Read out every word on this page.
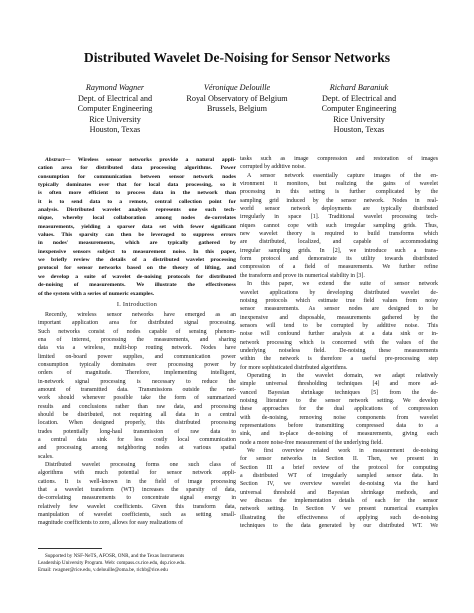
Distributed Wavelet De-Noising for Sensor Networks
Raymond Wagner
Dept. of Electrical and
Computer Engineering
Rice University
Houston, Texas
Véronique Delouille
Royal Observatory of Belgium
Brussels, Belgium
Richard Baraniuk
Dept. of Electrical and
Computer Engineering
Rice University
Houston, Texas
Abstract— Wireless sensor networks provide a natural appli-
cation area for distributed data processing algorithms. Power
consumption for communication between sensor network nodes
typically dominates over that for local data processing, so it
is often more efficient to process data in the network than
it is to send data to a remote, central collection point for
analysis. Distributed wavelet analysis represents one such tech-
nique, whereby local collaboration among nodes de-correlates
measurements, yielding a sparser data set with fewer significant
values. This sparsity can then be leveraged to suppress errors
in nodes' measurements, which are typically gathered by
inexpensive sensors subject to measurement noise. In this paper,
we briefly review the details of a distributed wavelet processing
protocol for sensor networks based on the theory of lifting, and
we develop a suite of wavelet de-noising protocols for distributed
de-noising of measurements. We illustrate the effectiveness
of the system with a series of numeric examples.
I. Introduction
Recently, wireless sensor networks have emerged as an
important application area for distributed signal processing.
Such networks consist of nodes capable of sensing phenom-
ena of interest, processing the measurements, and sharing
data via a wireless, multi-hop routing network. Nodes have
limited on-board power supplies, and communication power
consumption typically dominates over processing power by
orders of magnitude. Therefore, implementing intelligent,
in-network signal processing is necessary to reduce the
amount of transmitted data. Transmissions outside the net-
work should whenever possible take the form of summarized
results and conclusions rather than raw data, and processing
should be distributed, not requiring all data in a central
location. When designed properly, this distributed processing
trades potentially long-haul transmission of raw data to
a central data sink for less costly local communication
and processing among neighboring nodes at various spatial
scales.
Distributed wavelet processing forms one such class of
algorithms with much potential for sensor network appli-
cations. It is well-known in the field of image processing
that a wavelet transform (WT) increases the sparsity of data,
de-correlating measurements to concentrate signal energy in
relatively few wavelet coefficients. Given this transform data,
manipulation of wavelet coefficients, such as setting small-
magnitude coefficients to zero, allows for easy realizations of
Supported by NSF-NeTS, AFOSR, ONR, and the Texas Instruments
Leadership University Program. Web: compass.cs.rice.edu, dsp.rice.edu.
Email: rwagner@rice.edu, v.delouille@oma.be, richb@rice.edu
tasks such as image compression and restoration of images
corrupted by additive noise.
A sensor network essentially capture images of the en-
vironment it monitors, but realizing the gains of wavelet
processing in this setting is further complicated by the
sampling grid induced by the sensor network. Nodes in real-
world sensor network deployments are typically distributed
irregularly in space [1]. Traditional wavelet processing tech-
niques cannot cope with such irregular sampling grids. Thus,
new wavelet theory is required to build transforms which
are distributed, localized, and capable of accommodating
irregular sampling grids. In [2], we introduce such a trans-
form protocol and demonstrate its utility towards distributed
compression of a field of measurements. We further refine
the transform and prove its numerical stability in [3].
In this paper, we extend the suite of sensor network
wavelet applications by developing distributed wavelet de-
noising protocols which estimate true field values from noisy
sensor measurements. As sensor nodes are designed to be
inexpensive and disposable, measurements gathered by the
sensors will tend to be corrupted by additive noise. This
noise will confound further analysis at a data sink or in-
network processing which is concerned with the values of the
underlying noiseless field. De-noising these measurements
within the network is therefore a useful pre-processing step
for more sophisticated distributed algorithms.
Operating in the wavelet domain, we adapt relatively
simple universal thresholding techniques [4] and more ad-
vanced Bayesian shrinkage techniques [5] from the de-
noising literature to the sensor network setting. We develop
these approaches for the dual applications of compression
with de-noising, removing noise components from wavelet
representations before transmitting compressed data to a
sink, and in-place de-noising of measurements, giving each
node a more noise-free measurement of the underlying field.
We first overview related work in measurement de-noising
for sensor networks in Section II. Then, we present in
Section III a brief review of the protocol for computing
a distributed WT of irregularly sampled sensor data. In
Section IV, we overview wavelet de-noising via the hard
universal threshold and Bayesian shrinkage methods, and
we discuss the implementation details of each for the sensor
network setting. In Section V we present numerical examples
illustrating the effectiveness of applying such de-noising
techniques to the data generated by our distributed WT. We
